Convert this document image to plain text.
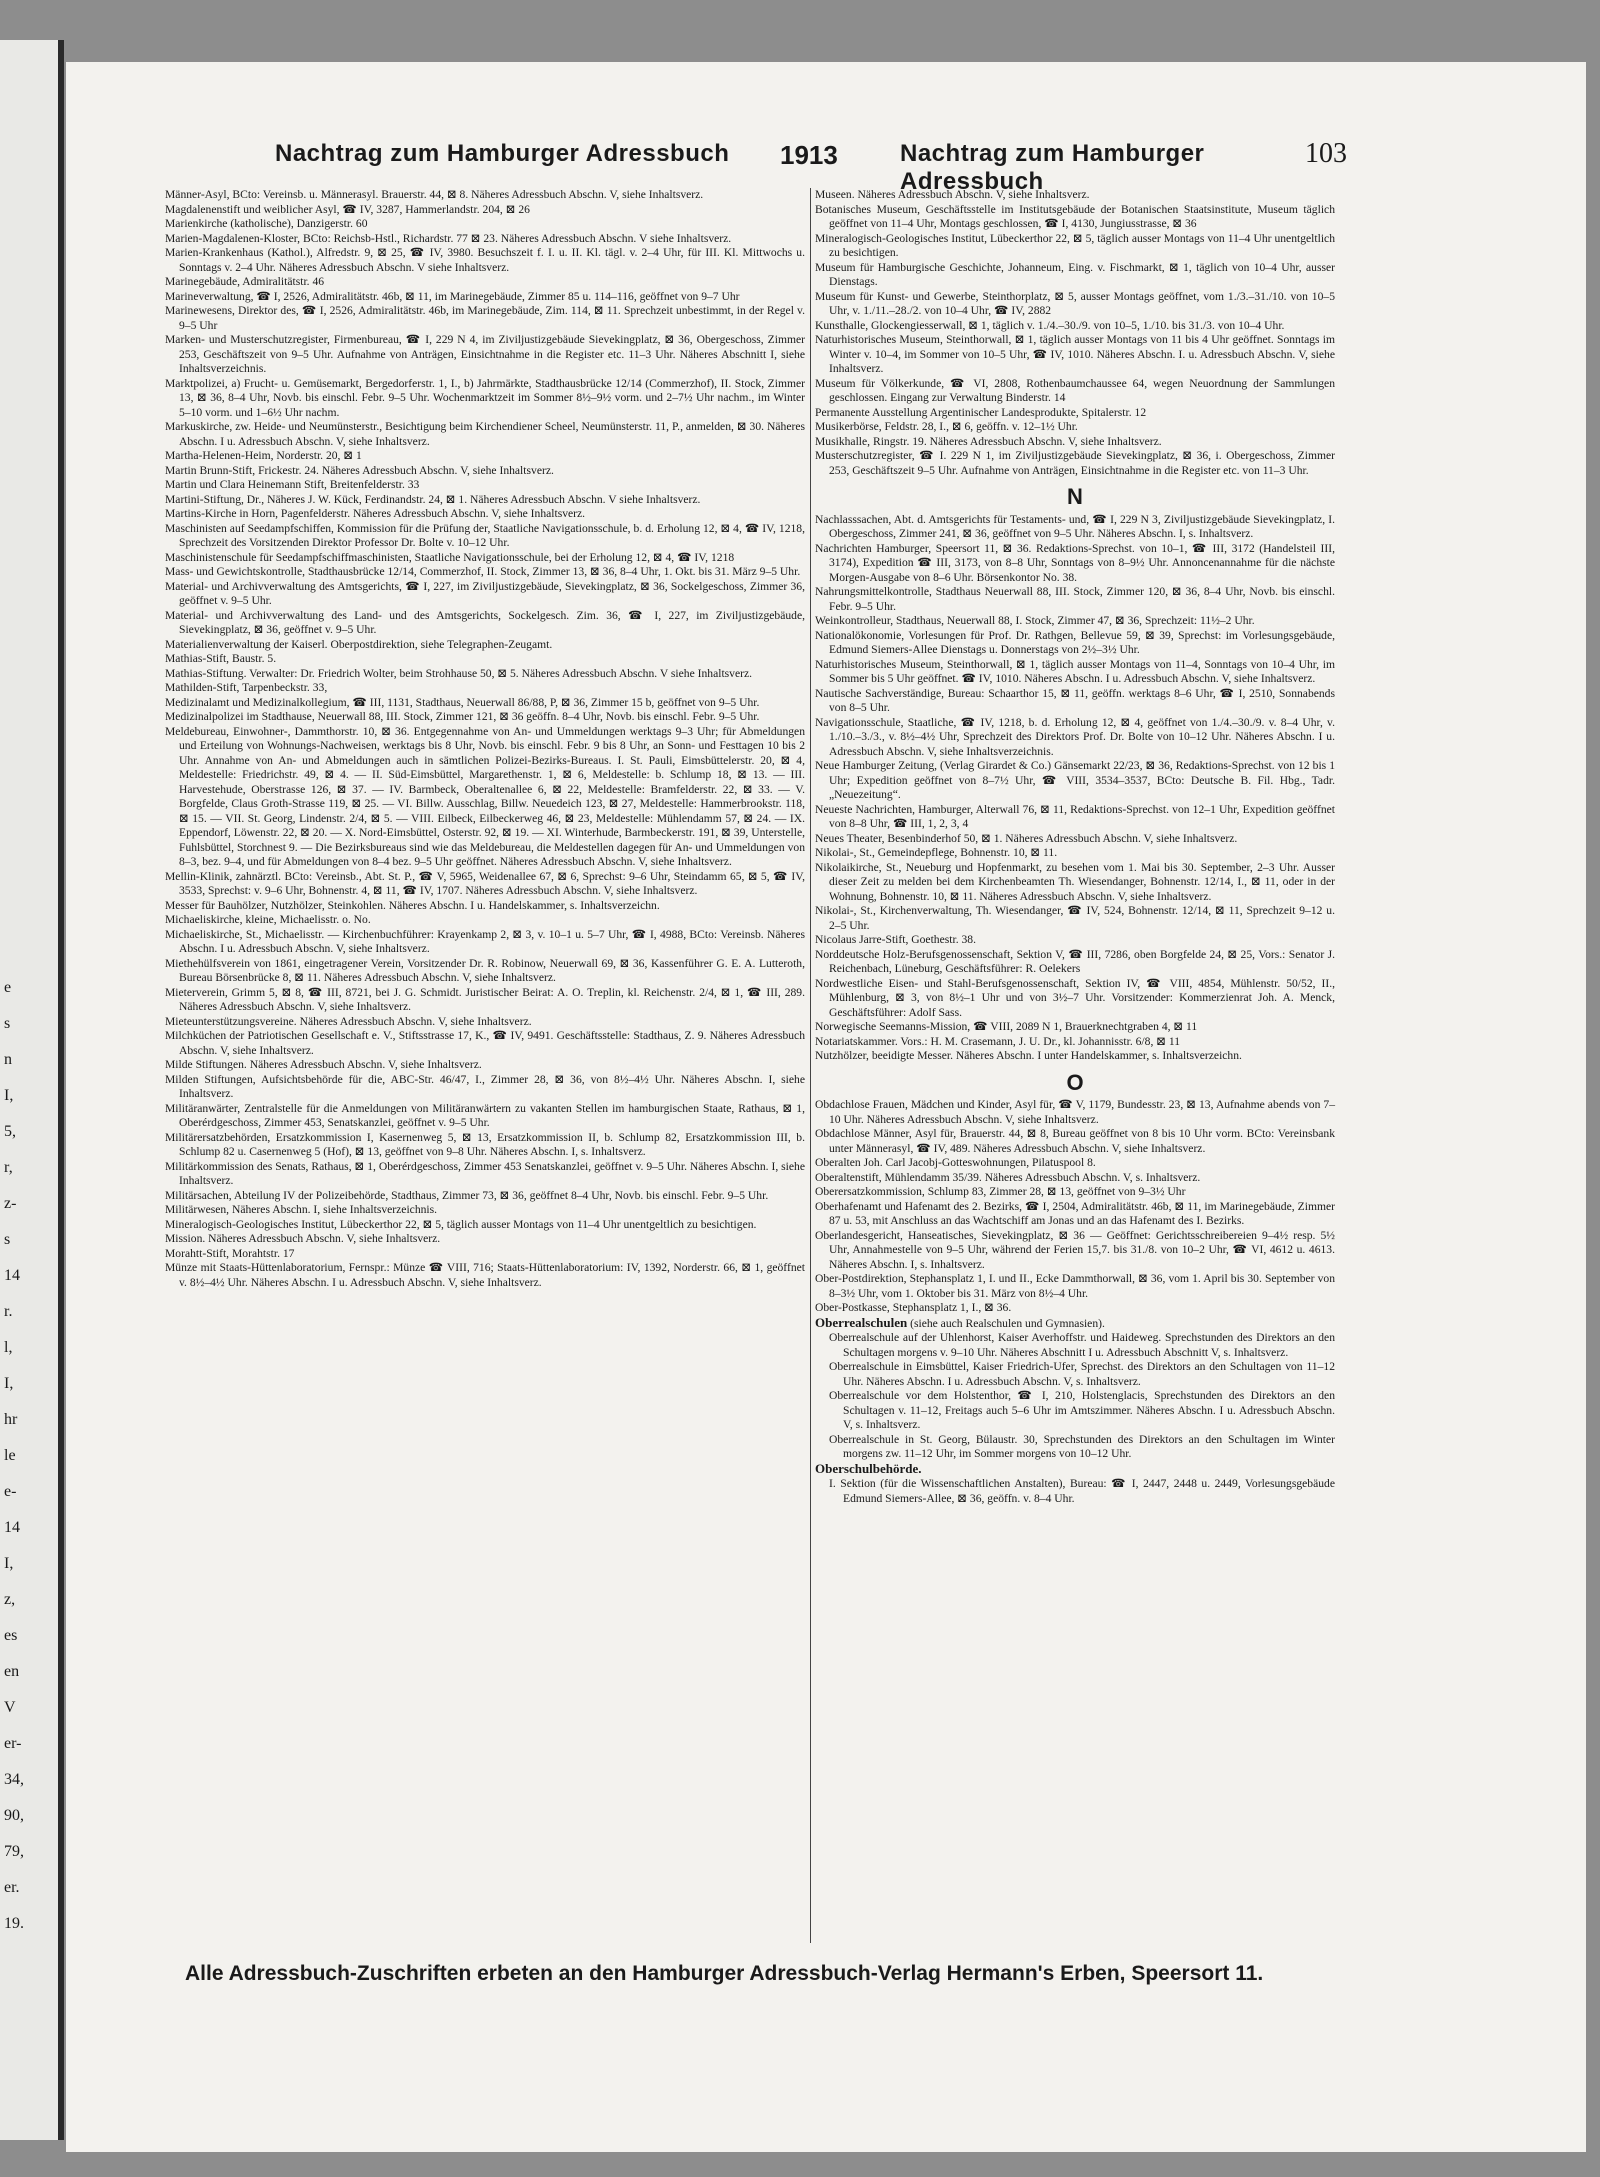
e
s
n
I,
5,
r,
z-
s
14
r.
l,
I,
hr
le
e-
14
I,
z,
es
en
V
er-
34,
90,
79,
er.
19.
Nachtrag zum Hamburger Adressbuch 1913	Nachtrag zum Hamburger Adressbuch
103

Männer-Asyl, BCto: Vereinsb. u. Männerasyl. Brauerstr. 44, ⊠ 8. Näheres Adressbuch Abschn. V, siehe Inhaltsverz.

Magdalenenstift und weiblicher Asyl, ☎ IV, 3287, Hammerlandstr. 204, ⊠ 26

Marienkirche (katholische), Danzigerstr. 60

Marien-Magdalenen-Kloster, BCto: Reichsb-Hstl., Richardstr. 77 ⊠ 23. Näheres Adressbuch Abschn. V siehe Inhaltsverz.

Marien-Krankenhaus (Kathol.), Alfredstr. 9, ⊠ 25, ☎ IV, 3980. Besuchszeit f. I. u. II. Kl. tägl. v. 2–4 Uhr, für III. Kl. Mittwochs u. Sonntags v. 2–4 Uhr. Näheres Adressbuch Abschn. V siehe Inhaltsverz.

Marinegebäude, Admiralitätstr. 46

Marineverwaltung, ☎ I, 2526, Admiralitätstr. 46b, ⊠ 11, im Marinegebäude, Zimmer 85 u. 114–116, geöffnet von 9–7 Uhr

Marinewesens, Direktor des, ☎ I, 2526, Admiralitätstr. 46b, im Marinegebäude, Zim. 114, ⊠ 11. Sprechzeit unbestimmt, in der Regel v. 9–5 Uhr

Marken- und Musterschutzregister, Firmenbureau, ☎ I, 229 N 4, im Ziviljustizgebäude Sievekingplatz, ⊠ 36, Obergeschoss, Zimmer 253, Geschäftszeit von 9–5 Uhr. Aufnahme von Anträgen, Einsichtnahme in die Register etc. 11–3 Uhr. Näheres Abschnitt I, siehe Inhaltsverzeichnis.

Marktpolizei, a) Frucht- u. Gemüsemarkt, Bergedorferstr. 1, I., b) Jahrmärkte, Stadthausbrücke 12/14 (Commerzhof), II. Stock, Zimmer 13, ⊠ 36, 8–4 Uhr, Novb. bis einschl. Febr. 9–5 Uhr. Wochenmarktzeit im Sommer 8½–9½ vorm. und 2–7½ Uhr nachm., im Winter 5–10 vorm. und 1–6½ Uhr nachm.

Markuskirche, zw. Heide- und Neumünsterstr., Besichtigung beim Kirchendiener Scheel, Neumünsterstr. 11, P., anmelden, ⊠ 30. Näheres Abschn. I u. Adressbuch Abschn. V, siehe Inhaltsverz.

Martha-Helenen-Heim, Norderstr. 20, ⊠ 1

Martin Brunn-Stift, Frickestr. 24. Näheres Adressbuch Abschn. V, siehe Inhaltsverz.

Martin und Clara Heinemann Stift, Breitenfelderstr. 33

Martini-Stiftung, Dr., Näheres J. W. Kück, Ferdinandstr. 24, ⊠ 1. Näheres Adressbuch Abschn. V siehe Inhaltsverz.

Martins-Kirche in Horn, Pagenfelderstr. Näheres Adressbuch Abschn. V, siehe Inhaltsverz.

Maschinisten auf Seedampfschiffen, Kommission für die Prüfung der, Staatliche Navigationsschule, b. d. Erholung 12, ⊠ 4, ☎ IV, 1218, Sprechzeit des Vorsitzenden Direktor Professor Dr. Bolte v. 10–12 Uhr.

Maschinistenschule für Seedampfschiffmaschinisten, Staatliche Navigationsschule, bei der Erholung 12, ⊠ 4, ☎ IV, 1218

Mass- und Gewichtskontrolle, Stadthausbrücke 12/14, Commerzhof, II. Stock, Zimmer 13, ⊠ 36, 8–4 Uhr, 1. Okt. bis 31. März 9–5 Uhr.

Material- und Archivverwaltung des Amtsgerichts, ☎ I, 227, im Ziviljustizgebäude, Sievekingplatz, ⊠ 36, Sockelgeschoss, Zimmer 36, geöffnet v. 9–5 Uhr.

Material- und Archivverwaltung des Land- und des Amtsgerichts, Sockelgesch. Zim. 36, ☎ I, 227, im Ziviljustizgebäude, Sievekingplatz, ⊠ 36, geöffnet v. 9–5 Uhr.

Materialienverwaltung der Kaiserl. Oberpostdirektion, siehe Telegraphen-Zeugamt.

Mathias-Stift, Baustr. 5.

Mathias-Stiftung. Verwalter: Dr. Friedrich Wolter, beim Strohhause 50, ⊠ 5. Näheres Adressbuch Abschn. V siehe Inhaltsverz.

Mathilden-Stift, Tarpenbeckstr. 33,

Medizinalamt und Medizinalkollegium, ☎ III, 1131, Stadthaus, Neuerwall 86/88, P, ⊠ 36, Zimmer 15 b, geöffnet von 9–5 Uhr.

Medizinalpolizei im Stadthause, Neuerwall 88, III. Stock, Zimmer 121, ⊠ 36 geöffn. 8–4 Uhr, Novb. bis einschl. Febr. 9–5 Uhr.

Meldebureau, Einwohner-, Dammthorstr. 10, ⊠ 36. Entgegennahme von An- und Ummeldungen werktags 9–3 Uhr; für Abmeldungen und Erteilung von Wohnungs-Nachweisen, werktags bis 8 Uhr, Novb. bis einschl. Febr. 9 bis 8 Uhr, an Sonn- und Festtagen 10 bis 2 Uhr. Annahme von An- und Abmeldungen auch in sämtlichen Polizei-Bezirks-Bureaus. I. St. Pauli, Eimsbüttelerstr. 20, ⊠ 4, Meldestelle: Friedrichstr. 49, ⊠ 4. — II. Süd-Eimsbüttel, Margarethenstr. 1, ⊠ 6, Meldestelle: b. Schlump 18, ⊠ 13. — III. Harvestehude, Oberstrasse 126, ⊠ 37. — IV. Barmbeck, Oberaltenallee 6, ⊠ 22, Meldestelle: Bramfelderstr. 22, ⊠ 33. — V. Borgfelde, Claus Groth-Strasse 119, ⊠ 25. — VI. Billw. Ausschlag, Billw. Neuedeich 123, ⊠ 27, Meldestelle: Hammerbrookstr. 118, ⊠ 15. — VII. St. Georg, Lindenstr. 2/4, ⊠ 5. — VIII. Eilbeck, Eilbeckerweg 46, ⊠ 23, Meldestelle: Mühlendamm 57, ⊠ 24. — IX. Eppendorf, Löwenstr. 22, ⊠ 20. — X. Nord-Eimsbüttel, Osterstr. 92, ⊠ 19. — XI. Winterhude, Barmbeckerstr. 191, ⊠ 39, Unterstelle, Fuhlsbüttel, Storchnest 9. — Die Bezirksbureaus sind wie das Meldebureau, die Meldestellen dagegen für An- und Ummeldungen von 8–3, bez. 9–4, und für Abmeldungen von 8–4 bez. 9–5 Uhr geöffnet. Näheres Adressbuch Abschn. V, siehe Inhaltsverz.

Mellin-Klinik, zahnärztl. BCto: Vereinsb., Abt. St. P., ☎ V, 5965, Weidenallee 67, ⊠ 6, Sprechst: 9–6 Uhr, Steindamm 65, ⊠ 5, ☎ IV, 3533, Sprechst: v. 9–6 Uhr, Bohnenstr. 4, ⊠ 11, ☎ IV, 1707. Näheres Adressbuch Abschn. V, siehe Inhaltsverz.

Messer für Bauhölzer, Nutzhölzer, Steinkohlen. Näheres Abschn. I u. Handelskammer, s. Inhaltsverzeichn.

Michaeliskirche, kleine, Michaelisstr. o. No.

Michaeliskirche, St., Michaelisstr. — Kirchenbuchführer: Krayenkamp 2, ⊠ 3, v. 10–1 u. 5–7 Uhr, ☎ I, 4988, BCto: Vereinsb. Näheres Abschn. I u. Adressbuch Abschn. V, siehe Inhaltsverz.

Miethehülfsverein von 1861, eingetragener Verein, Vorsitzender Dr. R. Robinow, Neuerwall 69, ⊠ 36, Kassenführer G. E. A. Lutteroth, Bureau Börsenbrücke 8, ⊠ 11. Näheres Adressbuch Abschn. V, siehe Inhaltsverz.

Mieterverein, Grimm 5, ⊠ 8, ☎ III, 8721, bei J. G. Schmidt. Juristischer Beirat: A. O. Treplin, kl. Reichenstr. 2/4, ⊠ 1, ☎ III, 289. Näheres Adressbuch Abschn. V, siehe Inhaltsverz.

Mieteunterstützungsvereine. Näheres Adressbuch Abschn. V, siehe Inhaltsverz.

Milchküchen der Patriotischen Gesellschaft e. V., Stiftsstrasse 17, K., ☎ IV, 9491. Geschäftsstelle: Stadthaus, Z. 9. Näheres Adressbuch Abschn. V, siehe Inhaltsverz.

Milde Stiftungen. Näheres Adressbuch Abschn. V, siehe Inhaltsverz.

Milden Stiftungen, Aufsichtsbehörde für die, ABC-Str. 46/47, I., Zimmer 28, ⊠ 36, von 8½–4½ Uhr. Näheres Abschn. I, siehe Inhaltsverz.

Militäranwärter, Zentralstelle für die Anmeldungen von Militäranwärtern zu vakanten Stellen im hamburgischen Staate, Rathaus, ⊠ 1, Oberérdgeschoss, Zimmer 453, Senatskanzlei, geöffnet v. 9–5 Uhr.

Militärersatzbehörden, Ersatzkommission I, Kasernenweg 5, ⊠ 13, Ersatzkommission II, b. Schlump 82, Ersatzkommission III, b. Schlump 82 u. Casernenweg 5 (Hof), ⊠ 13, geöffnet von 9–8 Uhr. Näheres Abschn. I, s. Inhaltsverz.

Militärkommission des Senats, Rathaus, ⊠ 1, Oberérdgeschoss, Zimmer 453 Senatskanzlei, geöffnet v. 9–5 Uhr. Näheres Abschn. I, siehe Inhaltsverz.

Militärsachen, Abteilung IV der Polizeibehörde, Stadthaus, Zimmer 73, ⊠ 36, geöffnet 8–4 Uhr, Novb. bis einschl. Febr. 9–5 Uhr.

Militärwesen, Näheres Abschn. I, siehe Inhaltsverzeichnis.

Mineralogisch-Geologisches Institut, Lübeckerthor 22, ⊠ 5, täglich ausser Montags von 11–4 Uhr unentgeltlich zu besichtigen.

Mission. Näheres Adressbuch Abschn. V, siehe Inhaltsverz.

Morahtt-Stift, Morahtstr. 17

Münze mit Staats-Hüttenlaboratorium, Fernspr.: Münze ☎ VIII, 716; Staats-Hüttenlaboratorium: IV, 1392, Norderstr. 66, ⊠ 1, geöffnet v. 8½–4½ Uhr. Näheres Abschn. I u. Adressbuch Abschn. V, siehe Inhaltsverz.

Museen. Näheres Adressbuch Abschn. V, siehe Inhaltsverz.

Botanisches Museum, Geschäftsstelle im Institutsgebäude der Botanischen Staatsinstitute, Museum täglich geöffnet von 11–4 Uhr, Montags geschlossen, ☎ I, 4130, Jungiusstrasse, ⊠ 36

Mineralogisch-Geologisches Institut, Lübeckerthor 22, ⊠ 5, täglich ausser Montags von 11–4 Uhr unentgeltlich zu besichtigen.

Museum für Hamburgische Geschichte, Johanneum, Eing. v. Fischmarkt, ⊠ 1, täglich von 10–4 Uhr, ausser Dienstags.

Museum für Kunst- und Gewerbe, Steinthorplatz, ⊠ 5, ausser Montags geöffnet, vom 1./3.–31./10. von 10–5 Uhr, v. 1./11.–28./2. von 10–4 Uhr, ☎ IV, 2882

Kunsthalle, Glockengiesserwall, ⊠ 1, täglich v. 1./4.–30./9. von 10–5, 1./10. bis 31./3. von 10–4 Uhr.

Naturhistorisches Museum, Steinthorwall, ⊠ 1, täglich ausser Montags von 11 bis 4 Uhr geöffnet. Sonntags im Winter v. 10–4, im Sommer von 10–5 Uhr, ☎ IV, 1010. Näheres Abschn. I. u. Adressbuch Abschn. V, siehe Inhaltsverz.

Museum für Völkerkunde, ☎ VI, 2808, Rothenbaumchaussee 64, wegen Neuordnung der Sammlungen geschlossen. Eingang zur Verwaltung Binderstr. 14

Permanente Ausstellung Argentinischer Landesprodukte, Spitalerstr. 12

Musikerbörse, Feldstr. 28, I., ⊠ 6, geöffn. v. 12–1½ Uhr.

Musikhalle, Ringstr. 19. Näheres Adressbuch Abschn. V, siehe Inhaltsverz.

Musterschutzregister, ☎ I. 229 N 1, im Ziviljustizgebäude Sievekingplatz, ⊠ 36, i. Obergeschoss, Zimmer 253, Geschäftszeit 9–5 Uhr. Aufnahme von Anträgen, Einsichtnahme in die Register etc. von 11–3 Uhr.

N

Nachlasssachen, Abt. d. Amtsgerichts für Testaments- und, ☎ I, 229 N 3, Ziviljustizgebäude Sievekingplatz, I. Obergeschoss, Zimmer 241, ⊠ 36, geöffnet von 9–5 Uhr. Näheres Abschn. I, s. Inhaltsverz.

Nachrichten Hamburger, Speersort 11, ⊠ 36. Redaktions-Sprechst. von 10–1, ☎ III, 3172 (Handelsteil III, 3174), Expedition ☎ III, 3173, von 8–8 Uhr, Sonntags von 8–9½ Uhr. Annoncenannahme für die nächste Morgen-Ausgabe von 8–6 Uhr. Börsenkontor No. 38.

Nahrungsmittelkontrolle, Stadthaus Neuerwall 88, III. Stock, Zimmer 120, ⊠ 36, 8–4 Uhr, Novb. bis einschl. Febr. 9–5 Uhr.

Weinkontrolleur, Stadthaus, Neuerwall 88, I. Stock, Zimmer 47, ⊠ 36, Sprechzeit: 11½–2 Uhr.

Nationalökonomie, Vorlesungen für Prof. Dr. Rathgen, Bellevue 59, ⊠ 39, Sprechst: im Vorlesungsgebäude, Edmund Siemers-Allee Dienstags u. Donnerstags von 2½–3½ Uhr.

Naturhistorisches Museum, Steinthorwall, ⊠ 1, täglich ausser Montags von 11–4, Sonntags von 10–4 Uhr, im Sommer bis 5 Uhr geöffnet. ☎ IV, 1010. Näheres Abschn. I u. Adressbuch Abschn. V, siehe Inhaltsverz.

Nautische Sachverständige, Bureau: Schaarthor 15, ⊠ 11, geöffn. werktags 8–6 Uhr, ☎ I, 2510, Sonnabends von 8–5 Uhr.

Navigationsschule, Staatliche, ☎ IV, 1218, b. d. Erholung 12, ⊠ 4, geöffnet von 1./4.–30./9. v. 8–4 Uhr, v. 1./10.–3./3., v. 8½–4½ Uhr, Sprechzeit des Direktors Prof. Dr. Bolte von 10–12 Uhr. Näheres Abschn. I u. Adressbuch Abschn. V, siehe Inhaltsverzeichnis.

Neue Hamburger Zeitung, (Verlag Girardet & Co.) Gänsemarkt 22/23, ⊠ 36, Redaktions-Sprechst. von 12 bis 1 Uhr; Expedition geöffnet von 8–7½ Uhr, ☎ VIII, 3534–3537, BCto: Deutsche B. Fil. Hbg., Tadr. „Neuezeitung“.

Neueste Nachrichten, Hamburger, Alterwall 76, ⊠ 11, Redaktions-Sprechst. von 12–1 Uhr, Expedition geöffnet von 8–8 Uhr, ☎ III, 1, 2, 3, 4

Neues Theater, Besenbinderhof 50, ⊠ 1. Näheres Adressbuch Abschn. V, siehe Inhaltsverz.

Nikolai-, St., Gemeindepflege, Bohnenstr. 10, ⊠ 11.

Nikolaikirche, St., Neueburg und Hopfenmarkt, zu besehen vom 1. Mai bis 30. September, 2–3 Uhr. Ausser dieser Zeit zu melden bei dem Kirchenbeamten Th. Wiesendanger, Bohnenstr. 12/14, I., ⊠ 11, oder in der Wohnung, Bohnenstr. 10, ⊠ 11. Näheres Adressbuch Abschn. V, siehe Inhaltsverz.

Nikolai-, St., Kirchenverwaltung, Th. Wiesendanger, ☎ IV, 524, Bohnenstr. 12/14, ⊠ 11, Sprechzeit 9–12 u. 2–5 Uhr.

Nicolaus Jarre-Stift, Goethestr. 38.

Norddeutsche Holz-Berufsgenossenschaft, Sektion V, ☎ III, 7286, oben Borgfelde 24, ⊠ 25, Vors.: Senator J. Reichenbach, Lüneburg, Geschäftsführer: R. Oelekers

Nordwestliche Eisen- und Stahl-Berufsgenossenschaft, Sektion IV, ☎ VIII, 4854, Mühlenstr. 50/52, II., Mühlenburg, ⊠ 3, von 8½–1 Uhr und von 3½–7 Uhr. Vorsitzender: Kommerzienrat Joh. A. Menck, Geschäftsführer: Adolf Sass.

Norwegische Seemanns-Mission, ☎ VIII, 2089 N 1, Brauerknechtgraben 4, ⊠ 11

Notariatskammer. Vors.: H. M. Crasemann, J. U. Dr., kl. Johannisstr. 6/8, ⊠ 11

Nutzhölzer, beeidigte Messer. Näheres Abschn. I unter Handelskammer, s. Inhaltsverzeichn.

O

Obdachlose Frauen, Mädchen und Kinder, Asyl für, ☎ V, 1179, Bundesstr. 23, ⊠ 13, Aufnahme abends von 7–10 Uhr. Näheres Adressbuch Abschn. V, siehe Inhaltsverz.

Obdachlose Männer, Asyl für, Brauerstr. 44, ⊠ 8, Bureau geöffnet von 8 bis 10 Uhr vorm. BCto: Vereinsbank unter Männerasyl, ☎ IV, 489. Näheres Adressbuch Abschn. V, siehe Inhaltsverz.

Oberalten Joh. Carl Jacobj-Gotteswohnungen, Pilatuspool 8.

Oberaltenstift, Mühlendamm 35/39. Näheres Adressbuch Abschn. V, s. Inhaltsverz.

Oberersatzkommission, Schlump 83, Zimmer 28, ⊠ 13, geöffnet von 9–3½ Uhr

Oberhafenamt und Hafenamt des 2. Bezirks, ☎ I, 2504, Admiralitätstr. 46b, ⊠ 11, im Marinegebäude, Zimmer 87 u. 53, mit Anschluss an das Wachtschiff am Jonas und an das Hafenamt des I. Bezirks.

Oberlandesgericht, Hanseatisches, Sievekingplatz, ⊠ 36 — Geöffnet: Gerichtsschreibereien 9–4½ resp. 5½ Uhr, Annahmestelle von 9–5 Uhr, während der Ferien 15,7. bis 31./8. von 10–2 Uhr, ☎ VI, 4612 u. 4613. Näheres Abschn. I, s. Inhaltsverz.

Ober-Postdirektion, Stephansplatz 1, I. und II., Ecke Dammthorwall, ⊠ 36, vom 1. April bis 30. September von 8–3½ Uhr, vom 1. Oktober bis 31. März von 8½–4 Uhr.

Ober-Postkasse, Stephansplatz 1, I., ⊠ 36.

Oberrealschulen (siehe auch Realschulen und Gymnasien).

Oberrealschule auf der Uhlenhorst, Kaiser Averhoffstr. und Haideweg. Sprechstunden des Direktors an den Schultagen morgens v. 9–10 Uhr. Näheres Abschnitt I u. Adressbuch Abschnitt V, s. Inhaltsverz.

Oberrealschule in Eimsbüttel, Kaiser Friedrich-Ufer, Sprechst. des Direktors an den Schultagen von 11–12 Uhr. Näheres Abschn. I u. Adressbuch Abschn. V, s. Inhaltsverz.

Oberrealschule vor dem Holstenthor, ☎ I, 210, Holstenglacis, Sprechstunden des Direktors an den Schultagen v. 11–12, Freitags auch 5–6 Uhr im Amtszimmer. Näheres Abschn. I u. Adressbuch Abschn. V, s. Inhaltsverz.

Oberrealschule in St. Georg, Bülaustr. 30, Sprechstunden des Direktors an den Schultagen im Winter morgens zw. 11–12 Uhr, im Sommer morgens von 10–12 Uhr.

Oberschulbehörde.

I. Sektion (für die Wissenschaftlichen Anstalten), Bureau: ☎ I, 2447, 2448 u. 2449, Vorlesungsgebäude Edmund Siemers-Allee, ⊠ 36, geöffn. v. 8–4 Uhr.

Alle Adressbuch-Zuschriften erbeten an den Hamburger Adressbuch-Verlag Hermann's Erben, Speersort 11.
